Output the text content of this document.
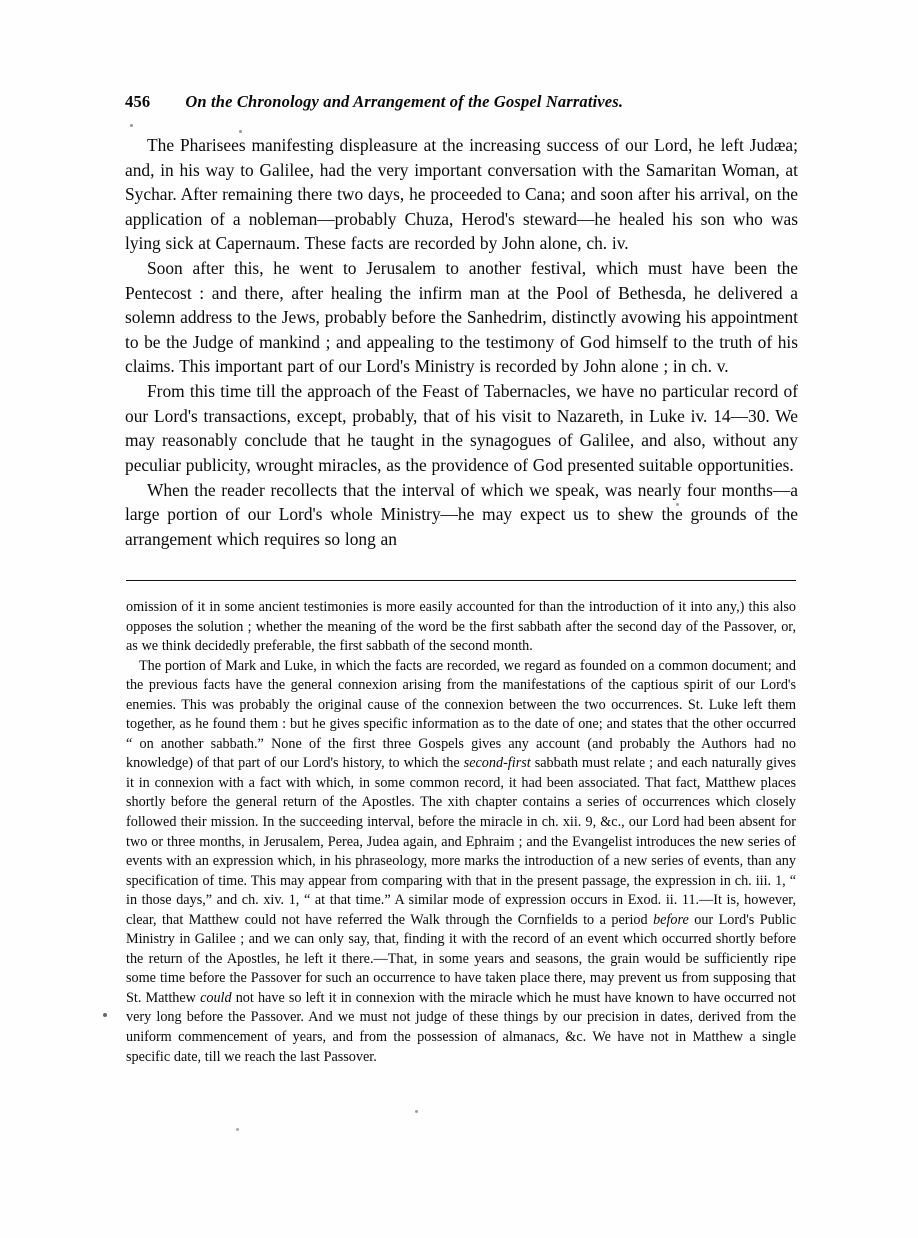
456 On the Chronology and Arrangement of the Gospel Narratives.

The Pharisees manifesting displeasure at the increasing success of our Lord, he left Judæa; and, in his way to Galilee, had the very important conversation with the Samaritan Woman, at Sychar. After remaining there two days, he proceeded to Cana; and soon after his arrival, on the application of a nobleman—probably Chuza, Herod's steward—he healed his son who was lying sick at Capernaum. These facts are recorded by John alone, ch. iv.

Soon after this, he went to Jerusalem to another festival, which must have been the Pentecost : and there, after healing the infirm man at the Pool of Bethesda, he delivered a solemn address to the Jews, probably before the Sanhedrim, distinctly avowing his appointment to be the Judge of mankind ; and appealing to the testimony of God himself to the truth of his claims. This important part of our Lord's Ministry is recorded by John alone ; in ch. v.

From this time till the approach of the Feast of Tabernacles, we have no particular record of our Lord's transactions, except, probably, that of his visit to Nazareth, in Luke iv. 14—30. We may reasonably conclude that he taught in the synagogues of Galilee, and also, without any peculiar publicity, wrought miracles, as the providence of God presented suitable opportunities.

When the reader recollects that the interval of which we speak, was nearly four months—a large portion of our Lord's whole Ministry—he may expect us to shew the grounds of the arrangement which requires so long an

omission of it in some ancient testimonies is more easily accounted for than the introduction of it into any,) this also opposes the solution ; whether the meaning of the word be the first sabbath after the second day of the Passover, or, as we think decidedly preferable, the first sabbath of the second month.

The portion of Mark and Luke, in which the facts are recorded, we regard as founded on a common document; and the previous facts have the general connexion arising from the manifestations of the captious spirit of our Lord's enemies. This was probably the original cause of the connexion between the two occurrences. St. Luke left them together, as he found them : but he gives specific information as to the date of one; and states that the other occurred “ on another sabbath.” None of the first three Gospels gives any account (and probably the Authors had no knowledge) of that part of our Lord's history, to which the second-first sabbath must relate ; and each naturally gives it in connexion with a fact with which, in some common record, it had been associated. That fact, Matthew places shortly before the general return of the Apostles. The xith chapter contains a series of occurrences which closely followed their mission. In the succeeding interval, before the miracle in ch. xii. 9, &c., our Lord had been absent for two or three months, in Jerusalem, Perea, Judea again, and Ephraim ; and the Evangelist introduces the new series of events with an expression which, in his phraseology, more marks the introduction of a new series of events, than any specification of time. This may appear from comparing with that in the present passage, the expression in ch. iii. 1, “ in those days,” and ch. xiv. 1, “ at that time.” A similar mode of expression occurs in Exod. ii. 11.—It is, however, clear, that Matthew could not have referred the Walk through the Cornfields to a period before our Lord's Public Ministry in Galilee ; and we can only say, that, finding it with the record of an event which occurred shortly before the return of the Apostles, he left it there.—That, in some years and seasons, the grain would be sufficiently ripe some time before the Passover for such an occurrence to have taken place there, may prevent us from supposing that St. Matthew could not have so left it in connexion with the miracle which he must have known to have occurred not very long before the Passover. And we must not judge of these things by our precision in dates, derived from the uniform commencement of years, and from the possession of almanacs, &c. We have not in Matthew a single specific date, till we reach the last Passover.
